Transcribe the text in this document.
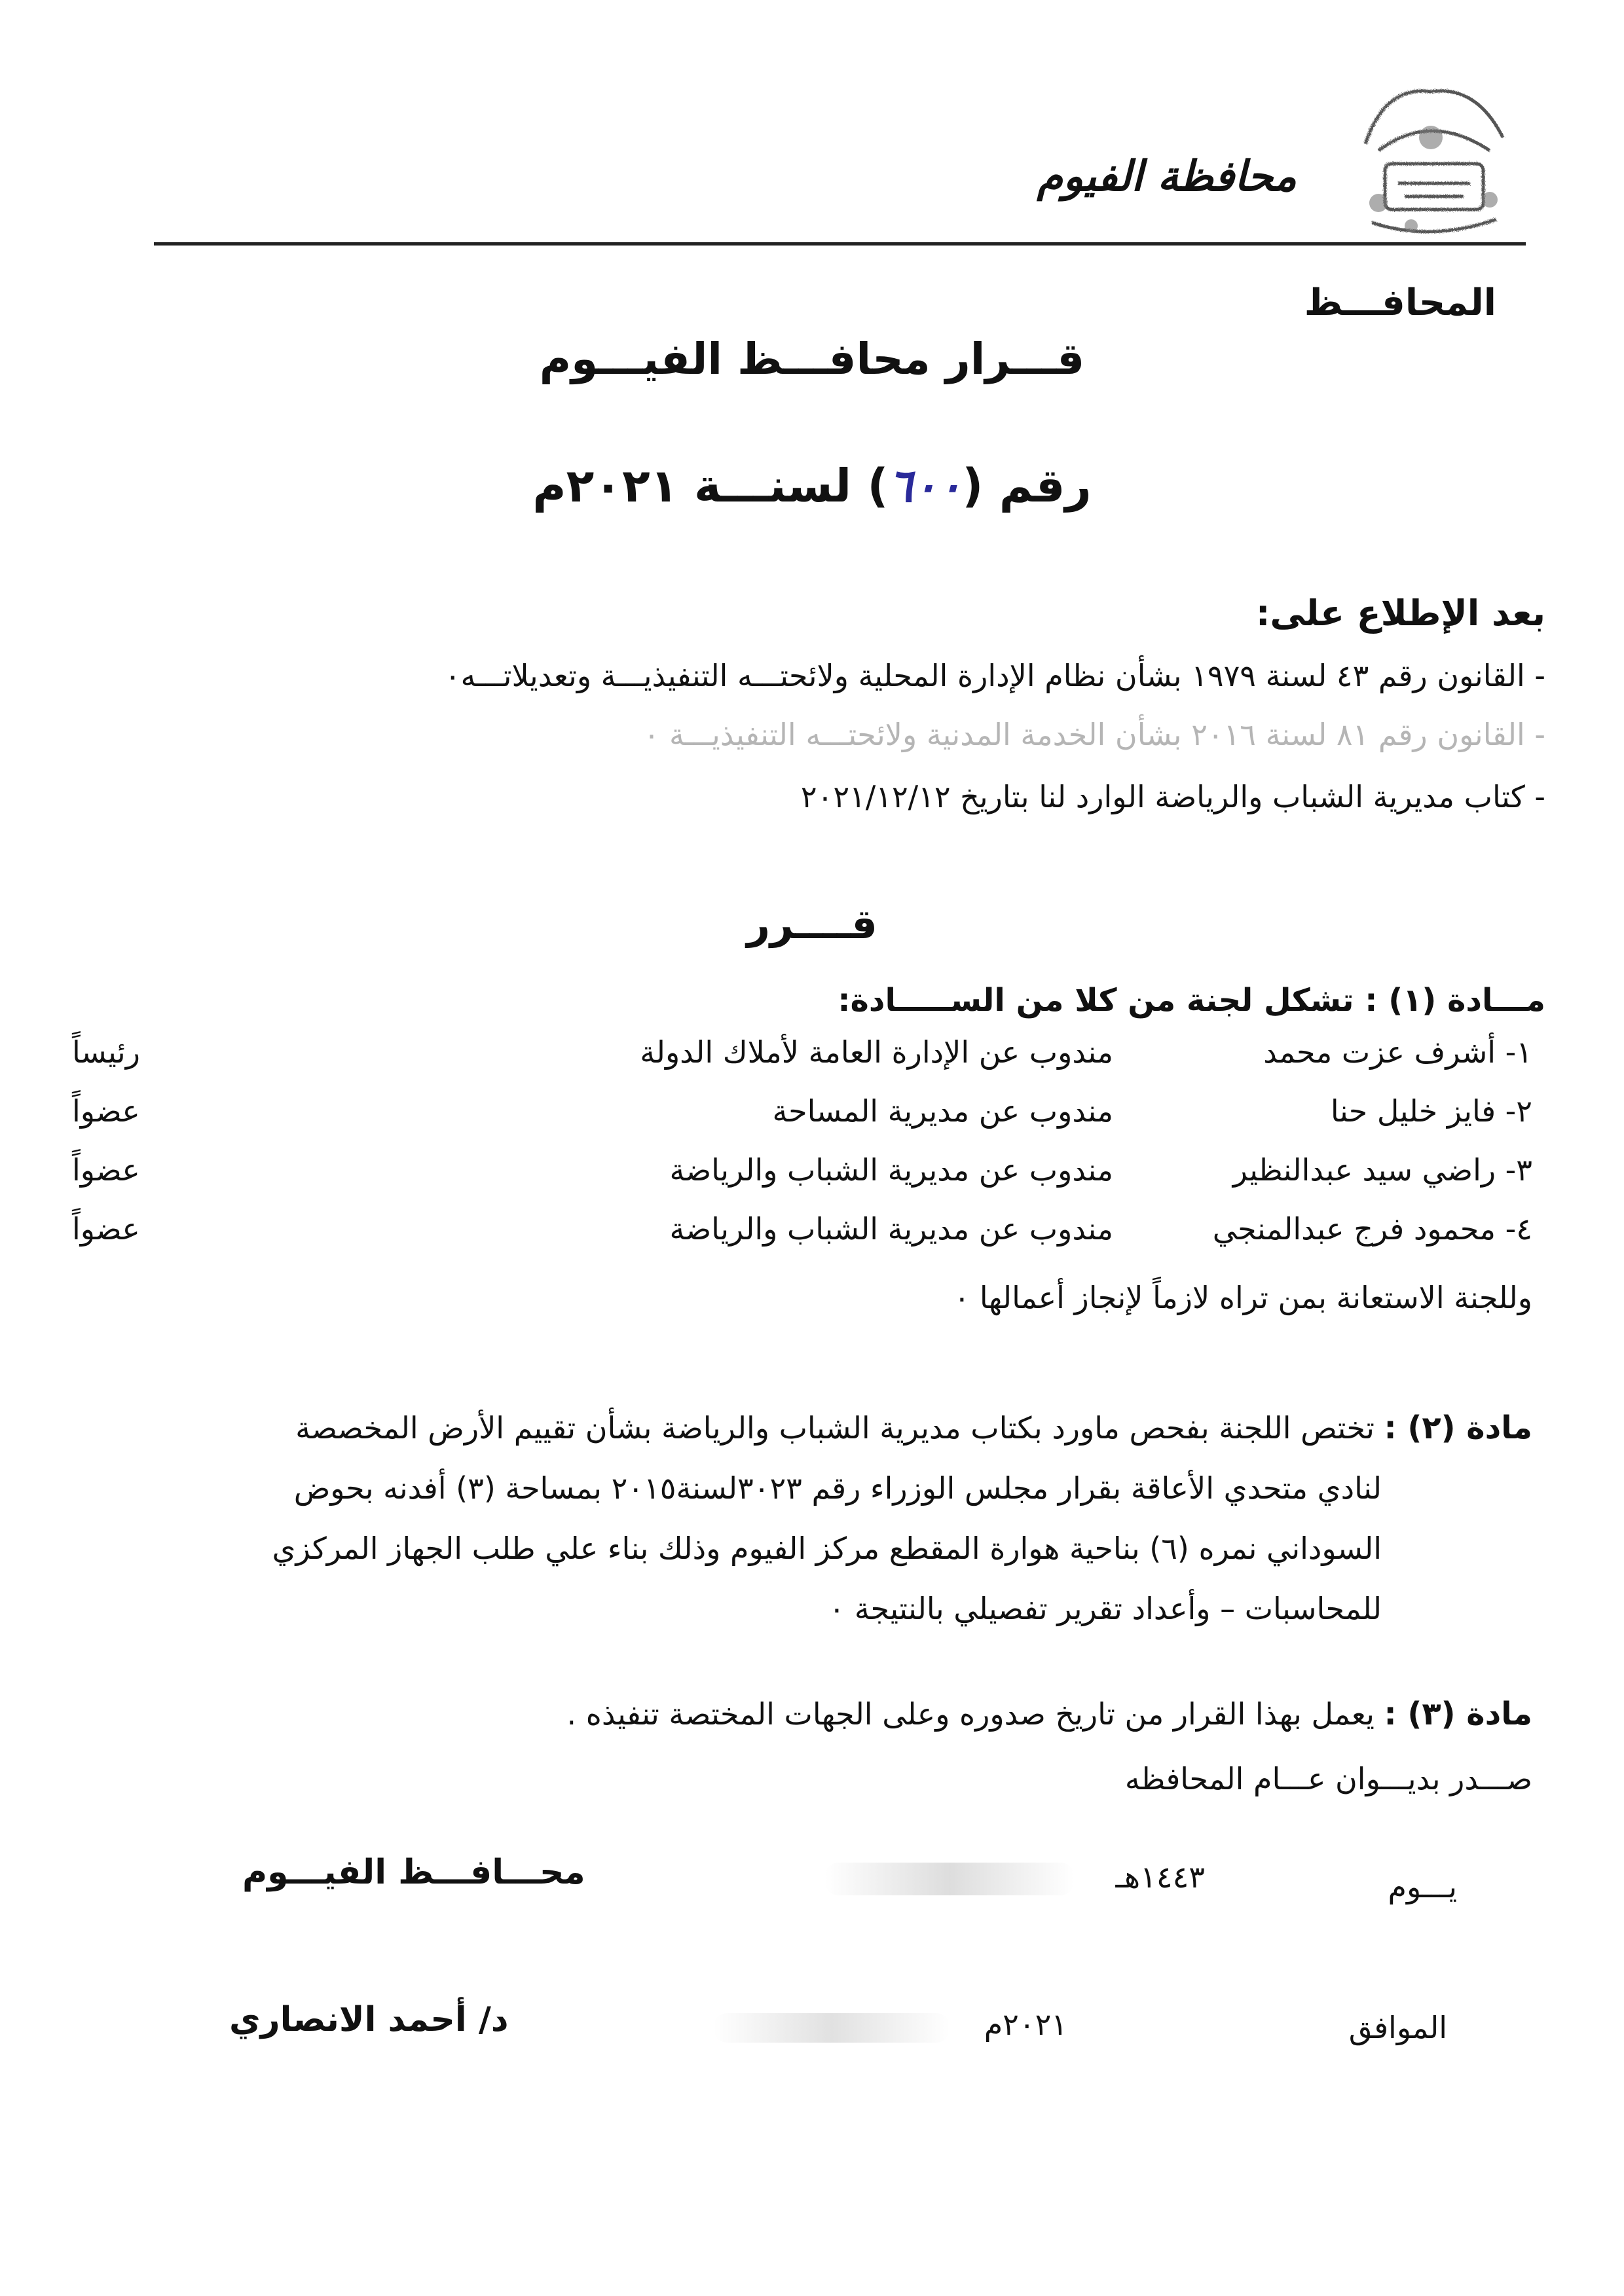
محافظة الفيوم
المحافـــظ
قـــرار محافـــظ الفيـــوم
رقم (٦٠٠) لسنـــة ٢٠٢١م
بعد الإطلاع على:
- القانون رقم ٤٣ لسنة ١٩٧٩ بشأن نظام الإدارة المحلية ولائحتـــه التنفيذيـــة وتعديلاتـــه٠
- القانون رقم ٨١ لسنة ٢٠١٦ بشأن الخدمة المدنية ولائحتـــه التنفيذيـــة ٠
- كتاب مديرية الشباب والرياضة الوارد لنا بتاريخ ٢٠٢١/١٢/١٢
قــــرر
مـــادة (١) : تشكل لجنة من كلا من الســـــادة:
١- أشرف عزت محمد
مندوب عن الإدارة العامة لأملاك الدولة
رئيساً
٢- فايز خليل حنا
مندوب عن مديرية المساحة
عضواً
٣- راضي سيد عبدالنظير
مندوب عن مديرية الشباب والرياضة
عضواً
٤- محمود فرج عبدالمنجي
مندوب عن مديرية الشباب والرياضة
عضواً
وللجنة الاستعانة بمن تراه لازماً لإنجاز أعمالها ٠
مادة (٢) : تختص اللجنة بفحص ماورد بكتاب مديرية الشباب والرياضة بشأن تقييم الأرض المخصصة
لنادي متحدي الأعاقة بقرار مجلس الوزراء رقم ٣٠٢٣لسنة٢٠١٥ بمساحة (٣) أفدنه بحوض
السوداني نمره (٦) بناحية هوارة المقطع مركز الفيوم وذلك بناء علي طلب الجهاز المركزي
للمحاسبات – وأعداد تقرير تفصيلي بالنتيجة ٠
مادة (٣) : يعمل بهذا القرار من تاريخ صدوره وعلى الجهات المختصة تنفيذه .
صـــدر بديـــوان عـــام المحافظه
يـــوم
١٤٤٣هـ
الموافق
٢٠٢١م
محـــافـــظ الفيـــوم
د/ أحمد الانصاري
